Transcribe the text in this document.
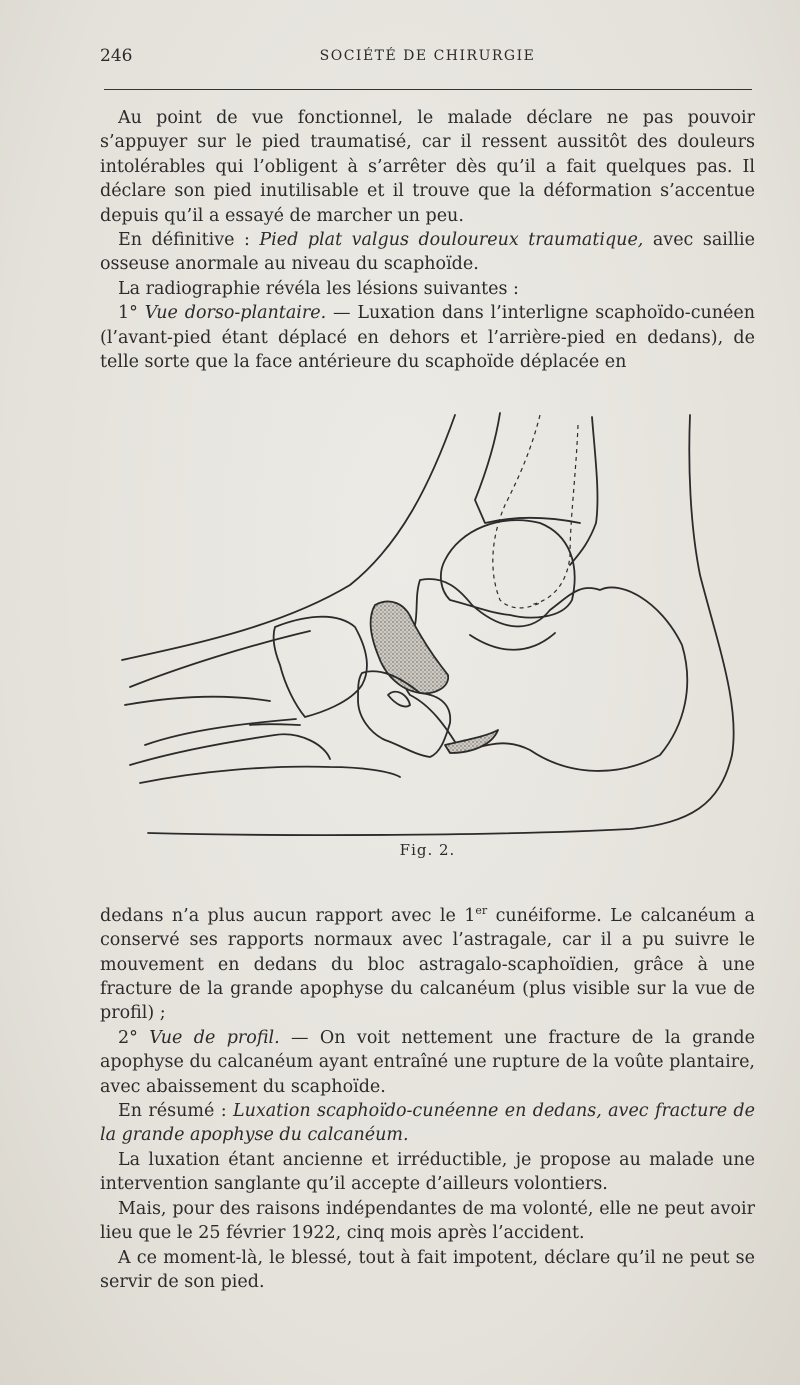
246	SOCIÉTÉ DE CHIRURGIE

Au point de vue fonctionnel, le malade déclare ne pas pouvoir s’appuyer sur le pied traumatisé, car il ressent aussitôt des douleurs intolérables qui l’obligent à s’arrêter dès qu’il a fait quelques pas. Il déclare son pied inutilisable et il trouve que la déformation s’accentue depuis qu’il a essayé de marcher un peu.

En définitive : Pied plat valgus douloureux traumatique, avec saillie osseuse anormale au niveau du scaphoïde.

La radiographie révéla les lésions suivantes :

1° Vue dorso-plantaire. — Luxation dans l’interligne scaphoïdo-cunéen (l’avant-pied étant déplacé en dehors et l’arrière-pied en dedans), de telle sorte que la face antérieure du scaphoïde déplacée en

Fig. 2.

dedans n’a plus aucun rapport avec le 1er cunéiforme. Le calcanéum a conservé ses rapports normaux avec l’astragale, car il a pu suivre le mouvement en dedans du bloc astragalo-scaphoïdien, grâce à une fracture de la grande apophyse du calcanéum (plus visible sur la vue de profil) ;

2° Vue de profil. — On voit nettement une fracture de la grande apophyse du calcanéum ayant entraîné une rupture de la voûte plantaire, avec abaissement du scaphoïde.

En résumé : Luxation scaphoïdo-cunéenne en dedans, avec fracture de la grande apophyse du calcanéum.

La luxation étant ancienne et irréductible, je propose au malade une intervention sanglante qu’il accepte d’ailleurs volontiers.

Mais, pour des raisons indépendantes de ma volonté, elle ne peut avoir lieu que le 25 février 1922, cinq mois après l’accident.

A ce moment-là, le blessé, tout à fait impotent, déclare qu’il ne peut se servir de son pied.
